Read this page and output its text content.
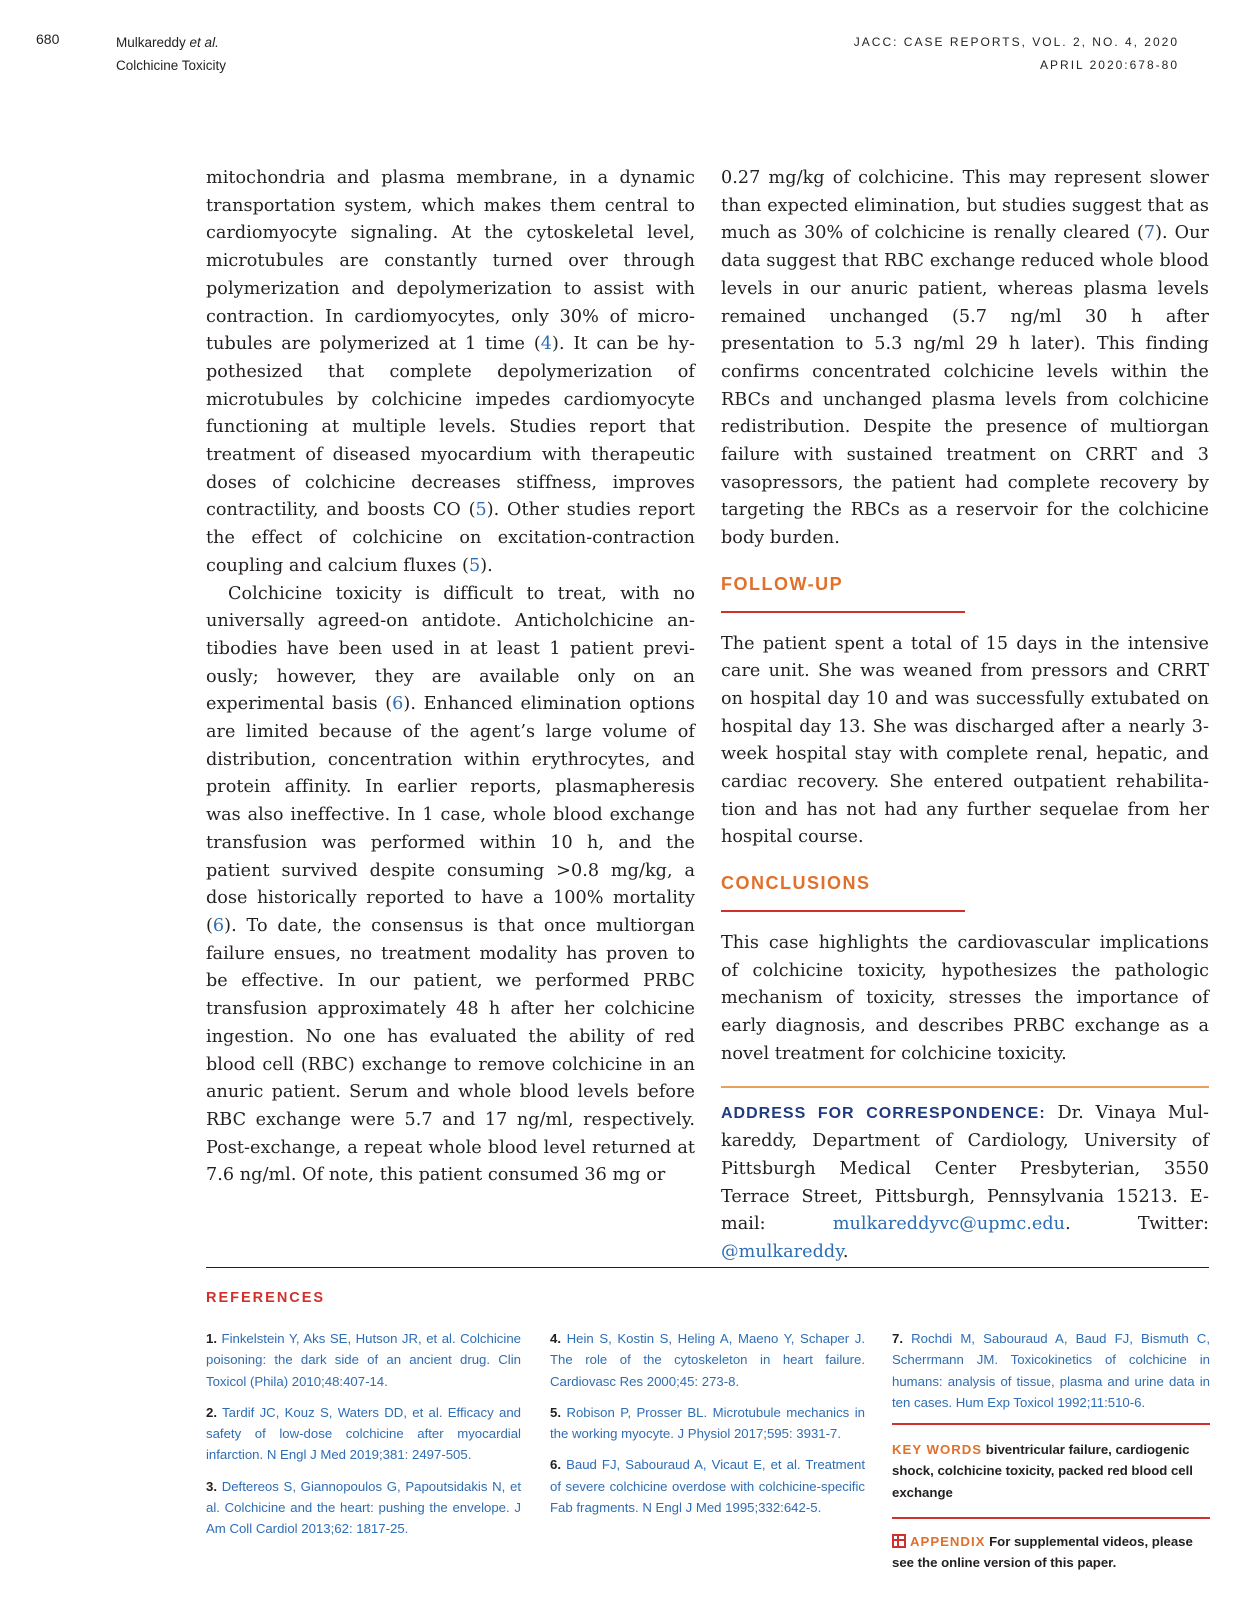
680	Mulkareddy et al.
Colchicine Toxicity
JACC: CASE REPORTS, VOL. 2, NO. 4, 2020
APRIL 2020:678-80

mitochondria and plasma membrane, in a dynamic transportation system, which makes them central to cardiomyocyte signaling. At the cytoskeletal level, microtubules are constantly turned over through polymerization and depolymerization to assist with contraction. In cardiomyocytes, only 30% of microtubules are polymerized at 1 time (4). It can be hypothesized that complete depolymerization of microtubules by colchicine impedes cardiomyocyte functioning at multiple levels. Studies report that treatment of diseased myocardium with therapeutic doses of colchicine decreases stiffness, improves contractility, and boosts CO (5). Other studies report the effect of colchicine on excitation-contraction coupling and calcium fluxes (5).

Colchicine toxicity is difficult to treat, with no universally agreed-on antidote. Anticholchicine antibodies have been used in at least 1 patient previously; however, they are available only on an experimental basis (6). Enhanced elimination options are limited because of the agent’s large volume of distribution, concentration within erythrocytes, and protein affinity. In earlier reports, plasmapheresis was also ineffective. In 1 case, whole blood exchange transfusion was performed within 10 h, and the patient survived despite consuming >0.8 mg/kg, a dose historically reported to have a 100% mortality (6). To date, the consensus is that once multiorgan failure ensues, no treatment modality has proven to be effective. In our patient, we performed PRBC transfusion approximately 48 h after her colchicine ingestion. No one has evaluated the ability of red blood cell (RBC) exchange to remove colchicine in an anuric patient. Serum and whole blood levels before RBC exchange were 5.7 and 17 ng/ml, respectively. Post-exchange, a repeat whole blood level returned at 7.6 ng/ml. Of note, this patient consumed 36 mg or

0.27 mg/kg of colchicine. This may represent slower than expected elimination, but studies suggest that as much as 30% of colchicine is renally cleared (7). Our data suggest that RBC exchange reduced whole blood levels in our anuric patient, whereas plasma levels remained unchanged (5.7 ng/ml 30 h after presentation to 5.3 ng/ml 29 h later). This finding confirms concentrated colchicine levels within the RBCs and unchanged plasma levels from colchicine redistribution. Despite the presence of multiorgan failure with sustained treatment on CRRT and 3 vasopressors, the patient had complete recovery by targeting the RBCs as a reservoir for the colchicine body burden.

FOLLOW-UP

The patient spent a total of 15 days in the intensive care unit. She was weaned from pressors and CRRT on hospital day 10 and was successfully extubated on hospital day 13. She was discharged after a nearly 3-week hospital stay with complete renal, hepatic, and cardiac recovery. She entered outpatient rehabilitation and has not had any further sequelae from her hospital course.

CONCLUSIONS

This case highlights the cardiovascular implications of colchicine toxicity, hypothesizes the pathologic mechanism of toxicity, stresses the importance of early diagnosis, and describes PRBC exchange as a novel treatment for colchicine toxicity.

ADDRESS FOR CORRESPONDENCE: Dr. Vinaya Mulkareddy, Department of Cardiology, University of Pittsburgh Medical Center Presbyterian, 3550 Terrace Street, Pittsburgh, Pennsylvania 15213. E-mail: mulkareddyvc@upmc.edu. Twitter: @mulkareddy.

REFERENCES
1. Finkelstein Y, Aks SE, Hutson JR, et al. Colchicine poisoning: the dark side of an ancient drug. Clin Toxicol (Phila) 2010;48:407-14.
2. Tardif JC, Kouz S, Waters DD, et al. Efficacy and safety of low-dose colchicine after myocardial infarction. N Engl J Med 2019;381: 2497-505.
3. Deftereos S, Giannopoulos G, Papoutsidakis N, et al. Colchicine and the heart: pushing the envelope. J Am Coll Cardiol 2013;62: 1817-25.
4. Hein S, Kostin S, Heling A, Maeno Y, Schaper J. The role of the cytoskeleton in heart failure. Cardiovasc Res 2000;45: 273-8.
5. Robison P, Prosser BL. Microtubule mechanics in the working myocyte. J Physiol 2017;595: 3931-7.
6. Baud FJ, Sabouraud A, Vicaut E, et al. Treatment of severe colchicine overdose with colchicine-specific Fab fragments. N Engl J Med 1995;332:642-5.
7. Rochdi M, Sabouraud A, Baud FJ, Bismuth C, Scherrmann JM. Toxicokinetics of colchicine in humans: analysis of tissue, plasma and urine data in ten cases. Hum Exp Toxicol 1992;11:510-6.
KEY WORDS biventricular failure, cardiogenic shock, colchicine toxicity, packed red blood cell exchange
APPENDIX For supplemental videos, please see the online version of this paper.
